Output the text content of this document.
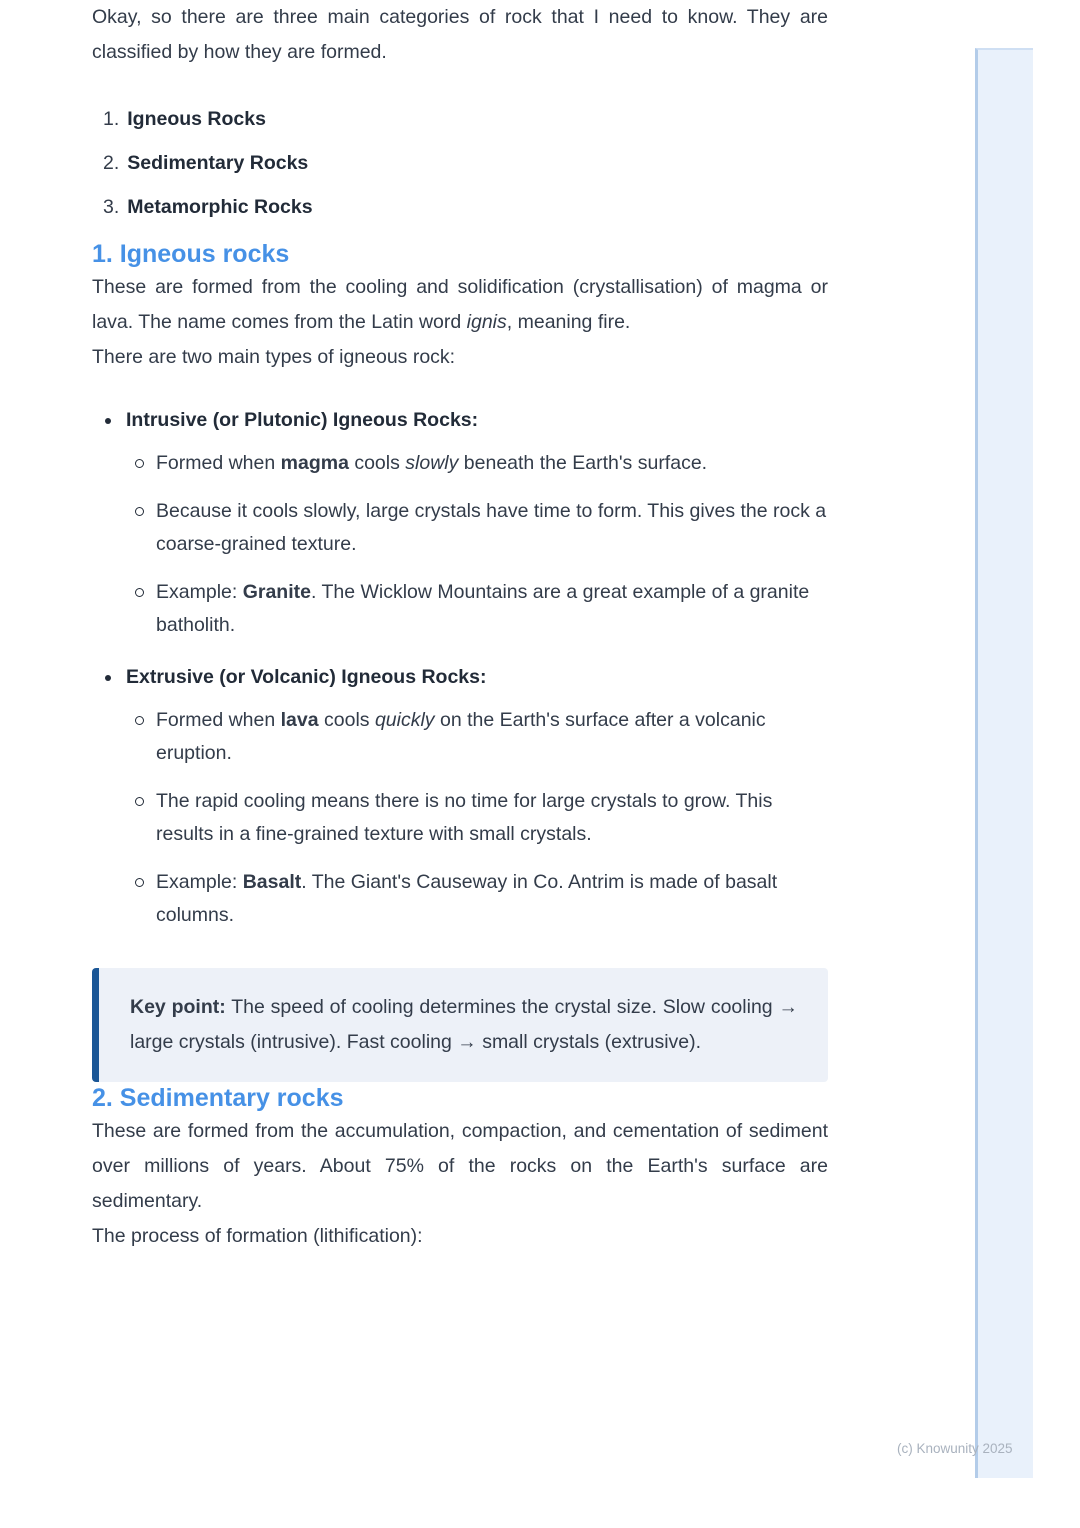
(c) Knowunity 2025

Okay, so there are three main categories of rock that I need to know. They are classified by how they are formed.

1. Igneous Rocks
2. Sedimentary Rocks
3. Metamorphic Rocks
1. Igneous rocks

These are formed from the cooling and solidification (crystallisation) of magma or lava. The name comes from the Latin word ignis, meaning fire.

There are two main types of igneous rock:

Intrusive (or Plutonic) Igneous Rocks:
Formed when magma cools slowly beneath the Earth's surface.
Because it cools slowly, large crystals have time to form. This gives the rock a coarse-grained texture.
Example: Granite. The Wicklow Mountains are a great example of a granite batholith.
Extrusive (or Volcanic) Igneous Rocks:
Formed when lava cools quickly on the Earth's surface after a volcanic eruption.
The rapid cooling means there is no time for large crystals to grow. This results in a fine-grained texture with small crystals.
Example: Basalt. The Giant's Causeway in Co. Antrim is made of basalt columns.

Key point: The speed of cooling determines the crystal size. Slow cooling → large crystals (intrusive). Fast cooling → small crystals (extrusive).

2. Sedimentary rocks

These are formed from the accumulation, compaction, and cementation of sediment over millions of years. About 75% of the rocks on the Earth's surface are sedimentary.

The process of formation (lithification):
